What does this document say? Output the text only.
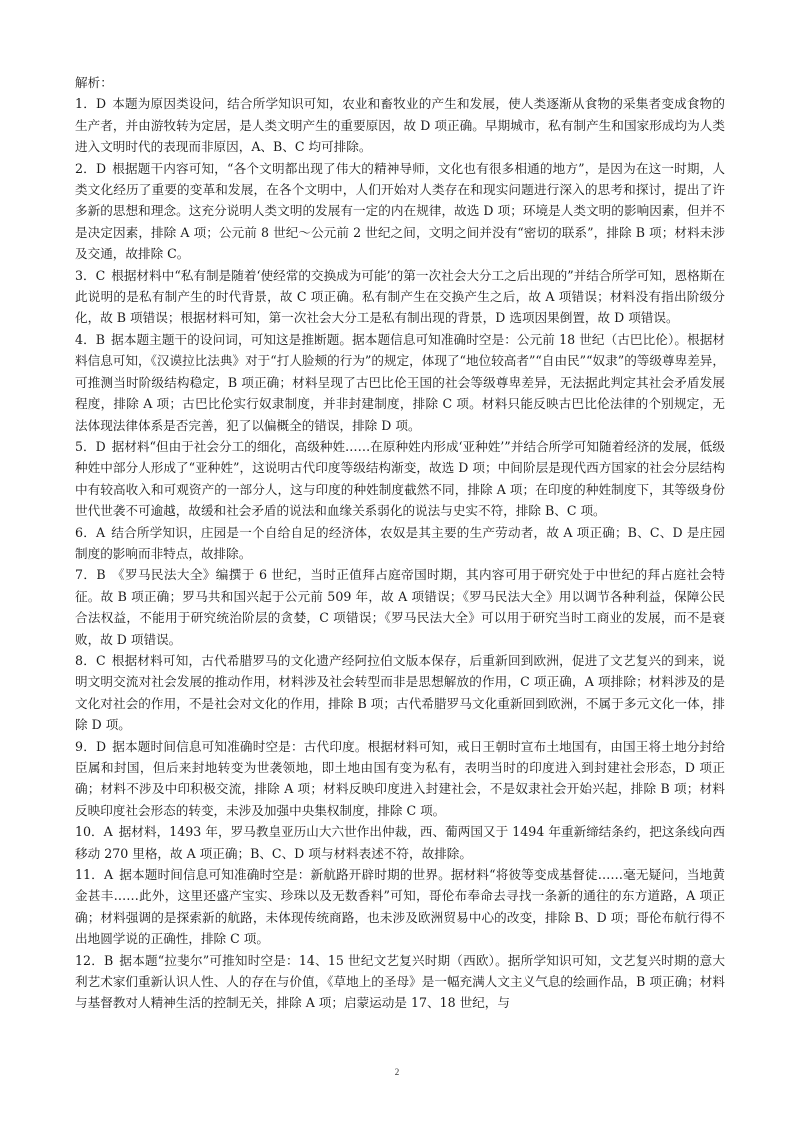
解析：

1．D 本题为原因类设问，结合所学知识可知，农业和畜牧业的产生和发展，使人类逐渐从食物的采集者变成食物的生产者，并由游牧转为定居，是人类文明产生的重要原因，故 D 项正确。早期城市，私有制产生和国家形成均为人类进入文明时代的表现而非原因，A、B、C 均可排除。

2．D 根据题干内容可知，“各个文明都出现了伟大的精神导师，文化也有很多相通的地方”，是因为在这一时期，人类文化经历了重要的变革和发展，在各个文明中，人们开始对人类存在和现实问题进行深入的思考和探讨，提出了许多新的思想和理念。这充分说明人类文明的发展有一定的内在规律，故选 D 项；环境是人类文明的影响因素，但并不是决定因素，排除 A 项；公元前 8 世纪～公元前 2 世纪之间，文明之间并没有“密切的联系”，排除 B 项；材料未涉及交通，故排除 C。

3．C 根据材料中“私有制是随着‘使经常的交换成为可能’的第一次社会大分工之后出现的”并结合所学可知，恩格斯在此说明的是私有制产生的时代背景，故 C 项正确。私有制产生在交换产生之后，故 A 项错误；材料没有指出阶级分化，故 B 项错误；根据材料可知，第一次社会大分工是私有制出现的背景，D 选项因果倒置，故 D 项错误。

4．B 据本题主题干的设问词，可知这是推断题。据本题信息可知准确时空是：公元前 18 世纪（古巴比伦）。根据材料信息可知，《汉谟拉比法典》对于“打人脸颊的行为”的规定，体现了“地位较高者”“自由民”“奴隶”的等级尊卑差异，可推测当时阶级结构稳定，B 项正确；材料呈现了古巴比伦王国的社会等级尊卑差异，无法据此判定其社会矛盾发展程度，排除 A 项；古巴比伦实行奴隶制度，并非封建制度，排除 C 项。材料只能反映古巴比伦法律的个别规定，无法体现法律体系是否完善，犯了以偏概全的错误，排除 D 项。

5．D 据材料“但由于社会分工的细化，高级种姓……在原种姓内形成‘亚种姓’”并结合所学可知随着经济的发展，低级种姓中部分人形成了“亚种姓”，这说明古代印度等级结构渐变，故选 D 项；中间阶层是现代西方国家的社会分层结构中有较高收入和可观资产的一部分人，这与印度的种姓制度截然不同，排除 A 项；在印度的种姓制度下，其等级身份世代世袭不可逾越，故缓和社会矛盾的说法和血缘关系弱化的说法与史实不符，排除 B、C 项。

6．A 结合所学知识，庄园是一个自给自足的经济体，农奴是其主要的生产劳动者，故 A 项正确；B、C、D 是庄园制度的影响而非特点，故排除。

7．B 《罗马民法大全》编撰于 6 世纪，当时正值拜占庭帝国时期，其内容可用于研究处于中世纪的拜占庭社会特征。故 B 项正确；罗马共和国兴起于公元前 509 年，故 A 项错误；《罗马民法大全》用以调节各种利益，保障公民合法权益，不能用于研究统治阶层的贪婪，C 项错误；《罗马民法大全》可以用于研究当时工商业的发展，而不是衰败，故 D 项错误。

8．C 根据材料可知，古代希腊罗马的文化遗产经阿拉伯文版本保存，后重新回到欧洲，促进了文艺复兴的到来，说明文明交流对社会发展的推动作用，材料涉及社会转型而非是思想解放的作用，C 项正确，A 项排除；材料涉及的是文化对社会的作用，不是社会对文化的作用，排除 B 项；古代希腊罗马文化重新回到欧洲，不属于多元文化一体，排除 D 项。

9．D 据本题时间信息可知准确时空是：古代印度。根据材料可知，戒日王朝时宣布土地国有，由国王将土地分封给臣属和封国，但后来封地转变为世袭领地，即土地由国有变为私有，表明当时的印度进入到封建社会形态，D 项正确；材料不涉及中印积极交流，排除 A 项；材料反映印度进入封建社会，不是奴隶社会开始兴起，排除 B 项；材料反映印度社会形态的转变，未涉及加强中央集权制度，排除 C 项。

10．A 据材料，1493 年，罗马教皇亚历山大六世作出仲裁，西、葡两国又于 1494 年重新缔结条约，把这条线向西移动 270 里格，故 A 项正确；B、C、D 项与材料表述不符，故排除。

11．A 据本题时间信息可知准确时空是：新航路开辟时期的世界。据材料“将彼等变成基督徒……毫无疑问，当地黄金甚丰……此外，这里还盛产宝实、珍珠以及无数香料”可知，哥伦布奉命去寻找一条新的通往的东方道路，A 项正确；材料强调的是探索新的航路，未体现传统商路，也未涉及欧洲贸易中心的改变，排除 B、D 项；哥伦布航行得不出地圆学说的正确性，排除 C 项。

12．B 据本题“拉斐尔”可推知时空是：14、15 世纪文艺复兴时期（西欧）。据所学知识可知，文艺复兴时期的意大利艺术家们重新认识人性、人的存在与价值，《草地上的圣母》是一幅充满人文主义气息的绘画作品，B 项正确；材料与基督教对人精神生活的控制无关，排除 A 项；启蒙运动是 17、18 世纪，与

2
